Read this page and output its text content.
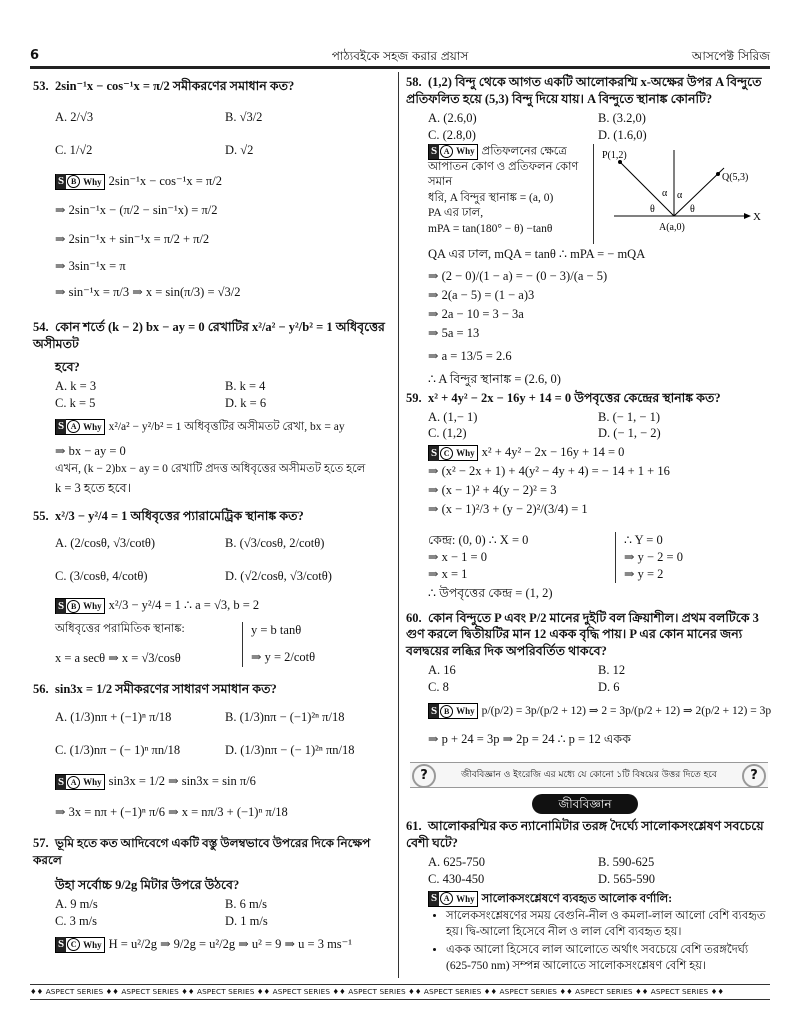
6	পাঠ্যবইকে সহজ করার প্রয়াস	আসপেক্ট সিরিজ
53. 2sin⁻¹x − cos⁻¹x = π/2 সমীকরণের সমাধান কত?
A. 2/√3	B. √3/2
C. 1/√2	D. √2
S B Why 2sin⁻¹x − cos⁻¹x = π/2
⇒ 2sin⁻¹x − (π/2 − sin⁻¹x) = π/2
⇒ 2sin⁻¹x + sin⁻¹x = π/2 + π/2
⇒ 3sin⁻¹x = π
⇒ sin⁻¹x = π/3 ⇒ x = sin(π/3) = √3/2
54. কোন শর্তে (k − 2) bx − ay = 0 রেখাটির x²/a² − y²/b² = 1 অধিবৃত্তের অসীমতট
হবে?
A. k = 3	B. k = 4
C. k = 5	D. k = 6
S A Why x²/a² − y²/b² = 1 অধিবৃত্তটির অসীমতট রেখা, bx = ay
⇒ bx − ay = 0
এখন, (k − 2)bx − ay = 0 রেখাটি প্রদত্ত অধিবৃত্তের অসীমতট হতে হলে
k = 3 হতে হবে।
55. x²/3 − y²/4 = 1 অধিবৃত্তের প্যারামেট্রিক স্থানাঙ্ক কত?
A. (2/cosθ, √3/cotθ)	B. (√3/cosθ, 2/cotθ)
C. (3/cosθ, 4/cotθ)	D. (√2/cosθ, √3/cotθ)
S B Why x²/3 − y²/4 = 1 ∴ a = √3, b = 2
অধিবৃত্তের পরামিতিক স্থানাঙ্ক:
x = a secθ ⇒ x = √3/cosθ
y = b tanθ
⇒ y = 2/cotθ
56. sin3x = 1/2 সমীকরণের সাধারণ সমাধান কত?
A. (1/3)nπ + (−1)ⁿ π/18	B. (1/3)nπ − (−1)²ⁿ π/18
C. (1/3)nπ − (− 1)ⁿ πn/18	D. (1/3)nπ − (− 1)²ⁿ πn/18
S A Why sin3x = 1/2 ⇒ sin3x = sin π/6
⇒ 3x = nπ + (−1)ⁿ π/6 ⇒ x = nπ/3 + (−1)ⁿ π/18
57. ভূমি হতে কত আদিবেগে একটি বস্তু উলম্বভাবে উপরের দিকে নিক্ষেপ করলে
উহা সর্বোচ্চ 9/2g মিটার উপরে উঠবে?
A. 9 m/s	B. 6 m/s
C. 3 m/s	D. 1 m/s
S C Why H = u²/2g ⇒ 9/2g = u²/2g ⇒ u² = 9 ⇒ u = 3 ms⁻¹
58. (1,2) বিন্দু থেকে আগত একটি আলোকরশ্মি x-অক্ষের উপর A বিন্দুতে প্রতিফলিত হয়ে (5,3) বিন্দু দিয়ে যায়। A বিন্দুতে স্থানাঙ্ক কোনটি?
A. (2.6,0)	B. (3.2,0)
C. (2.8,0)	D. (1.6,0)
S A Why প্রতিফলনের ক্ষেত্রে আপাতন কোণ ও প্রতিফলন কোণ সমান
ধরি, A বিন্দুর স্থানাঙ্ক = (a, 0)
PA এর ঢাল,
mPA = tan(180° − θ) −tanθ
P(1,2)
Q(5,3)
A(a,0)
X
α α
θ	θ
QA এর ঢাল, mQA = tanθ ∴ mPA = − mQA
⇒ (2 − 0)/(1 − a) = − (0 − 3)/(a − 5)
⇒ 2(a − 5) = (1 − a)3
⇒ 2a − 10 = 3 − 3a
⇒ 5a = 13
⇒ a = 13/5 = 2.6
∴ A বিন্দুর স্থানাঙ্ক = (2.6, 0)
59. x² + 4y² − 2x − 16y + 14 = 0 উপবৃত্তের কেন্দ্রের স্থানাঙ্ক কত?
A. (1,− 1)	B. (− 1, − 1)
C. (1,2)	D. (− 1, − 2)
S C Why x² + 4y² − 2x − 16y + 14 = 0
⇒ (x² − 2x + 1) + 4(y² − 4y + 4) = − 14 + 1 + 16
⇒ (x − 1)² + 4(y − 2)² = 3
⇒ (x − 1)²/3 + (y − 2)²/(3/4) = 1
কেন্দ্র: (0, 0) ∴ X = 0
⇒ x − 1 = 0
⇒ x = 1
∴ Y = 0
⇒ y − 2 = 0
⇒ y = 2
∴ উপবৃত্তের কেন্দ্র = (1, 2)
60. কোন বিন্দুতে P এবং P/2 মানের দুইটি বল ক্রিয়াশীল। প্রথম বলটিকে 3 গুণ করলে দ্বিতীয়টির মান 12 একক বৃদ্ধি পায়। P এর কোন মানের জন্য বলদ্বয়ের লব্ধির দিক অপরিবর্তিত থাকবে?
A. 16	B. 12
C. 8	D. 6
S B Why p/(p/2) = 3p/(p/2 + 12) ⇒ 2 = 3p/(p/2 + 12) ⇒ 2(p/2 + 12) = 3p
⇒ p + 24 = 3p ⇒ 2p = 24 ∴ p = 12 একক
?	জীববিজ্ঞান ও ইংরেজি এর মধ্যে যে কোনো ১টি বিষয়ের উত্তর দিতে হবে	?
জীববিজ্ঞান
61. আলোকরশ্মির কত ন্যানোমিটার তরঙ্গ দৈর্ঘ্যে সালোকসংশ্লেষণ সবচেয়ে বেশী ঘটে?
A. 625-750	B. 590-625
C. 430-450	D. 565-590
S A Why সালোকসংশ্লেষণে ব্যবহৃত আলোক বর্ণালি:
• সালেকসংশ্লেষণের সময় বেগুনি-নীল ও কমলা-লাল আলো বেশি ব্যবহৃত হয়। দ্বি-আলো হিসেবে নীল ও লাল বেশি ব্যবহৃত হয়।
• একক আলো হিসেবে লাল আলোতে অর্থাৎ সবচেয়ে বেশি তরঙ্গদৈর্ঘ্য (625-750 nm) সম্পন্ন আলোতে সালোকসংশ্লেষণ বেশি হয়।
♦♦ ASPECT SERIES ♦♦ ASPECT SERIES ♦♦ ASPECT SERIES ♦♦ ASPECT SERIES ♦♦ ASPECT SERIES ♦♦ ASPECT SERIES ♦♦ ASPECT SERIES ♦♦ ASPECT SERIES ♦♦ ASPECT SERIES ♦♦
